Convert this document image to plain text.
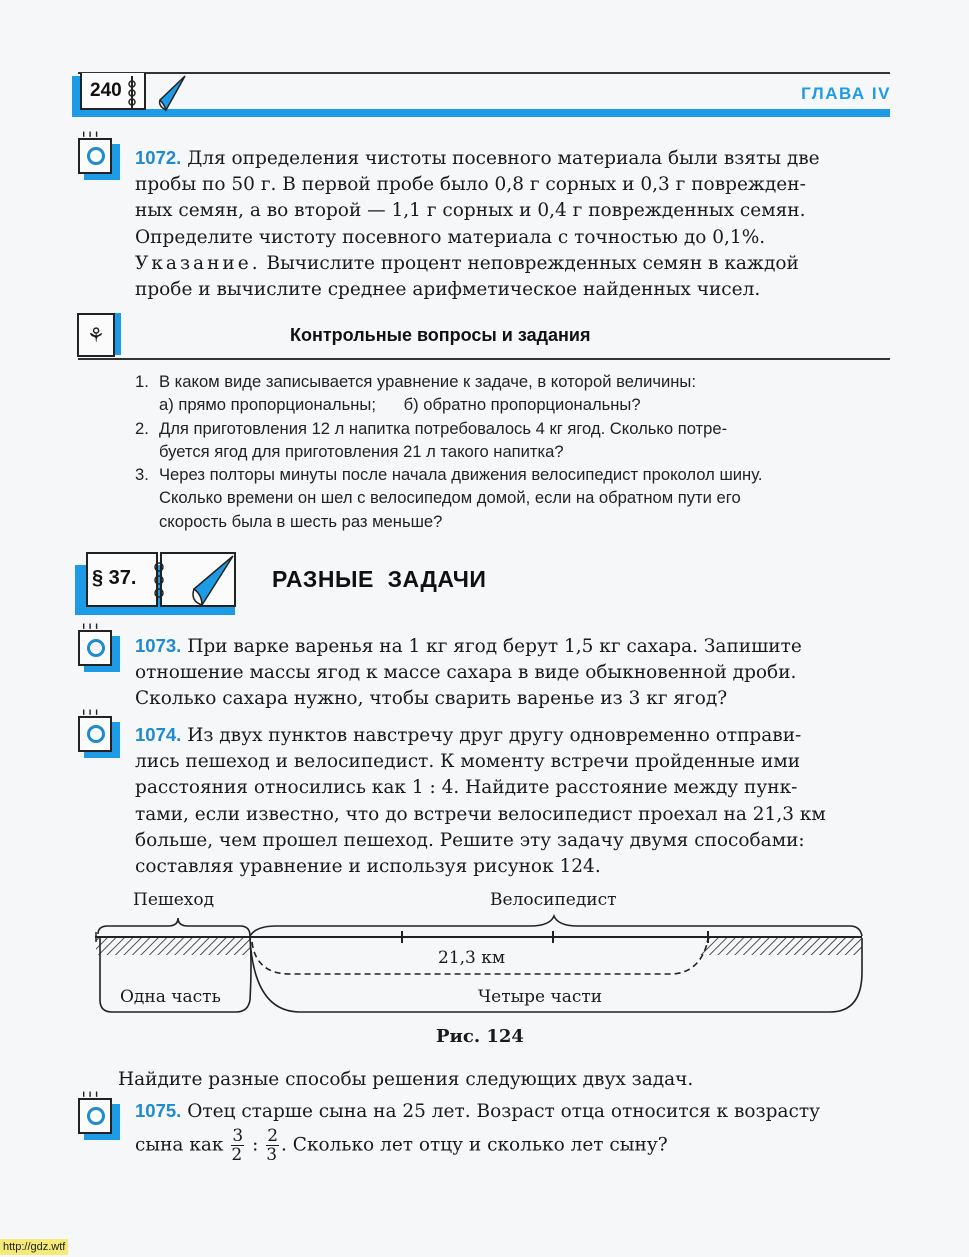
240	ГЛАВА IV
╹╹╹
1072. Для определения чистоты посевного материала были взяты две
пробы по 50 г. В первой пробе было 0,8 г сорных и 0,3 г поврежден-
ных семян, а во второй — 1,1 г сорных и 0,4 г поврежденных семян.
Определите чистоту посевного материала с точностью до 0,1%.
Указание. Вычислите процент неповрежденных семян в каждой
пробе и вычислите среднее арифметическое найденных чисел.
⚘	Контрольные вопросы и задания
1. В каком виде записывается уравнение к задаче, в которой величины:
а) прямо пропорциональны;      б) обратно пропорциональны?
2. Для приготовления 12 л напитка потребовалось 4 кг ягод. Сколько потре-
буется ягод для приготовления 21 л такого напитка?
3. Через полторы минуты после начала движения велосипедист проколол шину.
Сколько времени он шел с велосипедом домой, если на обратном пути его
скорость была в шесть раз меньше?
§ 37.	РАЗНЫЕ  ЗАДАЧИ
╹╹╹
1073. При варке варенья на 1 кг ягод берут 1,5 кг сахара. Запишите
отношение массы ягод к массе сахара в виде обыкновенной дроби.
Сколько сахара нужно, чтобы сварить варенье из 3 кг ягод?
╹╹╹
1074. Из двух пунктов навстречу друг другу одновременно отправи-
лись пешеход и велосипедист. К моменту встречи пройденные ими
расстояния относились как 1 : 4. Найдите расстояние между пунк-
тами, если известно, что до встречи велосипедист проехал на 21,3 км
больше, чем прошел пешеход. Решите эту задачу двумя способами:
составляя уравнение и используя рисунок 124.
Пешеход	Велосипедист
21,3 км
Одна часть	Четыре части
Рис. 124
Найдите разные способы решения следующих двух задач.
╹╹╹
1075. Отец старше сына на 25 лет. Возраст отца относится к возрасту
сына как $\frac{3}{2}$ : $\frac{2}{3}$ . Сколько лет отцу и сколько лет сыну?
http://gdz.wtf
